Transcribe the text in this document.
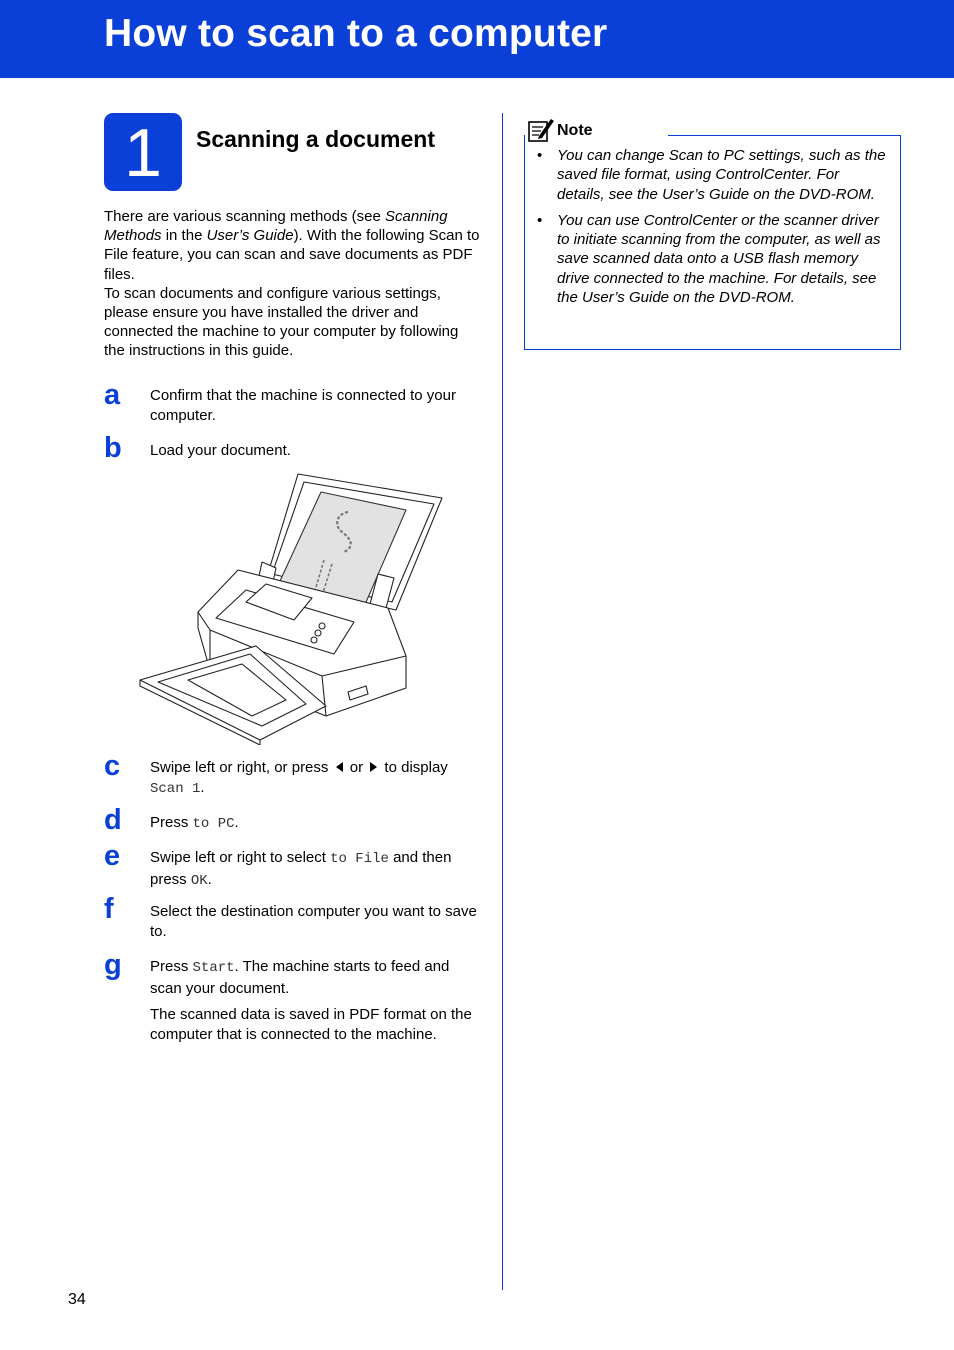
How to scan to a computer
1	Scanning a document

There are various scanning methods (see Scanning Methods in the User’s Guide). With the following Scan to File feature, you can scan and save documents as PDF files.

To scan documents and configure various settings, please ensure you have installed the driver and connected the machine to your computer by following the instructions in this guide.

a Confirm that the machine is connected to your computer.

b Load your document.

c Swipe left or right, or press  or  to display
Scan 1.

d Press to PC.

e Swipe left or right to select to File and then press OK.

f Select the destination computer you want to save to.

g Press Start. The machine starts to feed and scan your document.

The scanned data is saved in PDF format on the computer that is connected to the machine.

Note
• You can change Scan to PC settings, such as the saved file format, using ControlCenter. For details, see the User’s Guide on the DVD-ROM.
• You can use ControlCenter or the scanner driver to initiate scanning from the computer, as well as save scanned data onto a USB flash memory drive connected to the machine. For details, see the User’s Guide on the DVD-ROM.
34
